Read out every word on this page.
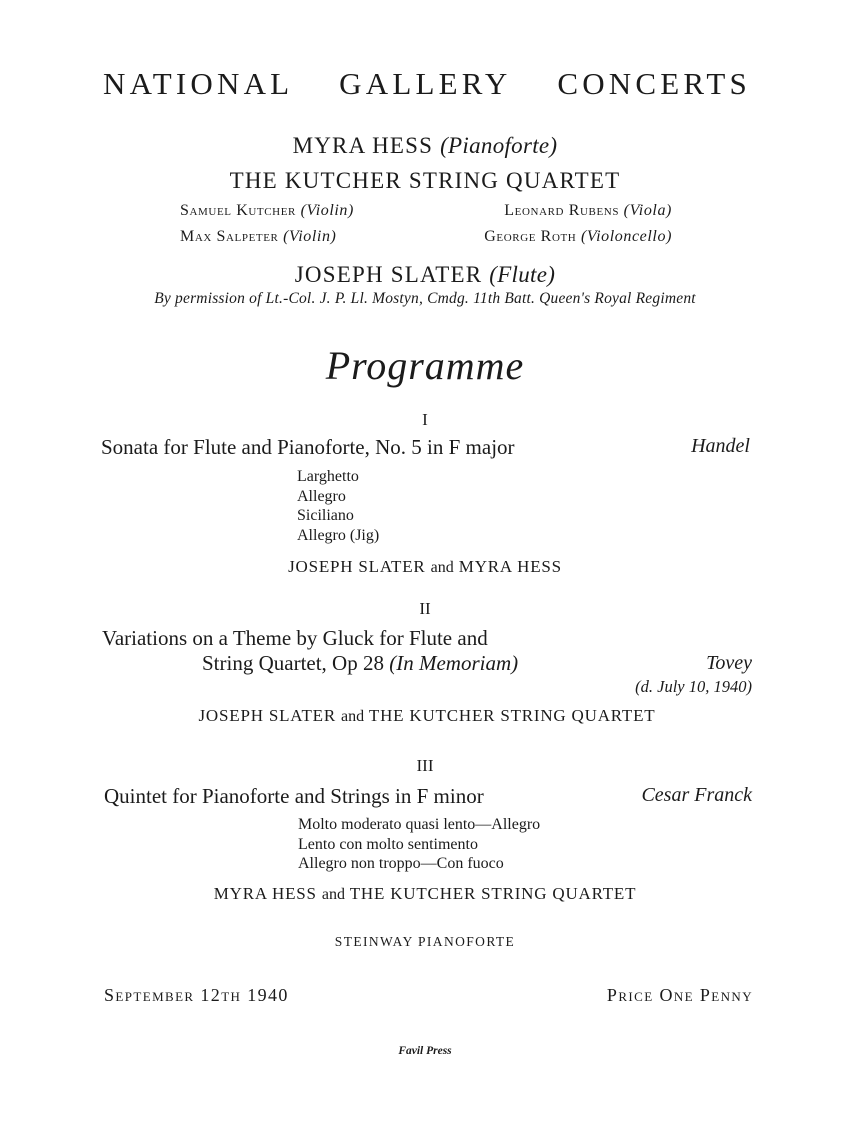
NATIONAL GALLERY CONCERTS
MYRA HESS (Pianoforte)
THE KUTCHER STRING QUARTET
Samuel Kutcher (Violin)	Leonard Rubens (Viola)
Max Salpeter (Violin)	George Roth (Violoncello)
JOSEPH SLATER (Flute)
By permission of Lt.-Col. J. P. Ll. Mostyn, Cmdg. 11th Batt. Queen's Royal Regiment
Programme
I
Sonata for Flute and Pianoforte, No. 5 in F major	Handel
Larghetto
Allegro
Siciliano
Allegro (Jig)
JOSEPH SLATER and MYRA HESS
II
Variations on a Theme by Gluck for Flute and
String Quartet, Op 28 (In Memoriam)	Tovey
(d. July 10, 1940)
JOSEPH SLATER and THE KUTCHER STRING QUARTET
III
Quintet for Pianoforte and Strings in F minor	Cesar Franck
Molto moderato quasi lento—Allegro
Lento con molto sentimento
Allegro non troppo—Con fuoco
MYRA HESS and THE KUTCHER STRING QUARTET
STEINWAY PIANOFORTE
September 12th 1940	Price One Penny
Favil Press
